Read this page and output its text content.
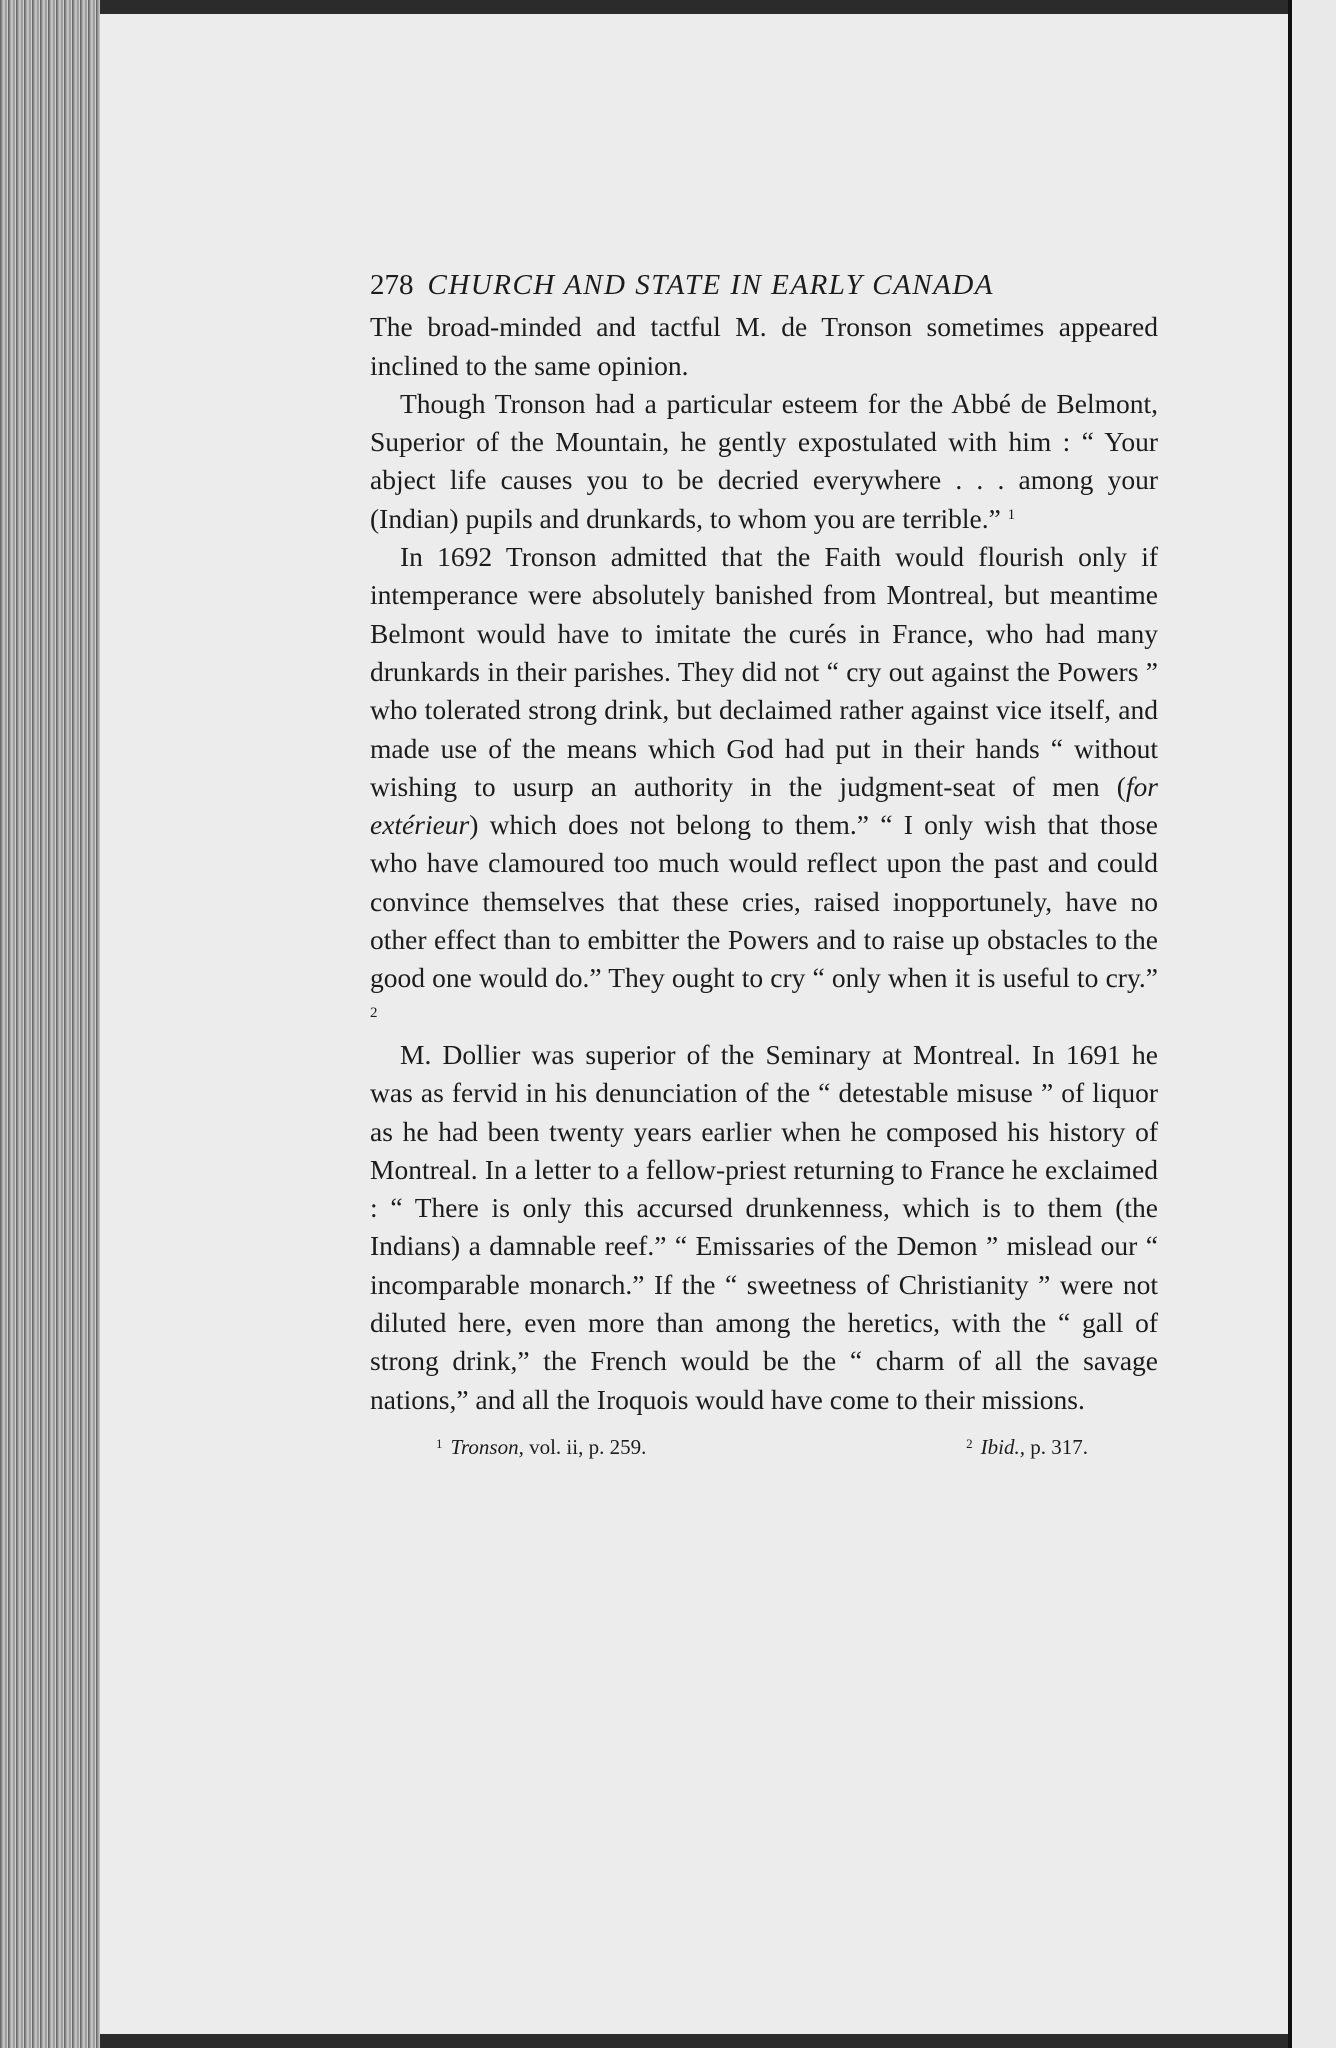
278 CHURCH AND STATE IN EARLY CANADA

The broad-minded and tactful M. de Tronson sometimes appeared inclined to the same opinion.

Though Tronson had a particular esteem for the Abbé de Belmont, Superior of the Mountain, he gently expostulated with him : “ Your abject life causes you to be decried everywhere . . . among your (Indian) pupils and drunkards, to whom you are terrible.” $^1$

In 1692 Tronson admitted that the Faith would flourish only if intemperance were absolutely banished from Montreal, but meantime Belmont would have to imitate the curés in France, who had many drunkards in their parishes. They did not “ cry out against the Powers ” who tolerated strong drink, but declaimed rather against vice itself, and made use of the means which God had put in their hands “ without wishing to usurp an authority in the judgment-seat of men (for extérieur) which does not belong to them.” “ I only wish that those who have clamoured too much would reflect upon the past and could convince themselves that these cries, raised inopportunely, have no other effect than to embitter the Powers and to raise up obstacles to the good one would do.” They ought to cry “ only when it is useful to cry.” $^2$

M. Dollier was superior of the Seminary at Montreal. In 1691 he was as fervid in his denunciation of the “ detestable misuse ” of liquor as he had been twenty years earlier when he composed his history of Montreal. In a letter to a fellow-priest returning to France he exclaimed : “ There is only this accursed drunkenness, which is to them (the Indians) a damnable reef.” “ Emissaries of the Demon ” mislead our “ incomparable monarch.” If the “ sweetness of Christianity ” were not diluted here, even more than among the heretics, with the “ gall of strong drink,” the French would be the “ charm of all the savage nations,” and all the Iroquois would have come to their missions.

$^1$ Tronson, vol. ii, p. 259.	$^2$ Ibid., p. 317.
